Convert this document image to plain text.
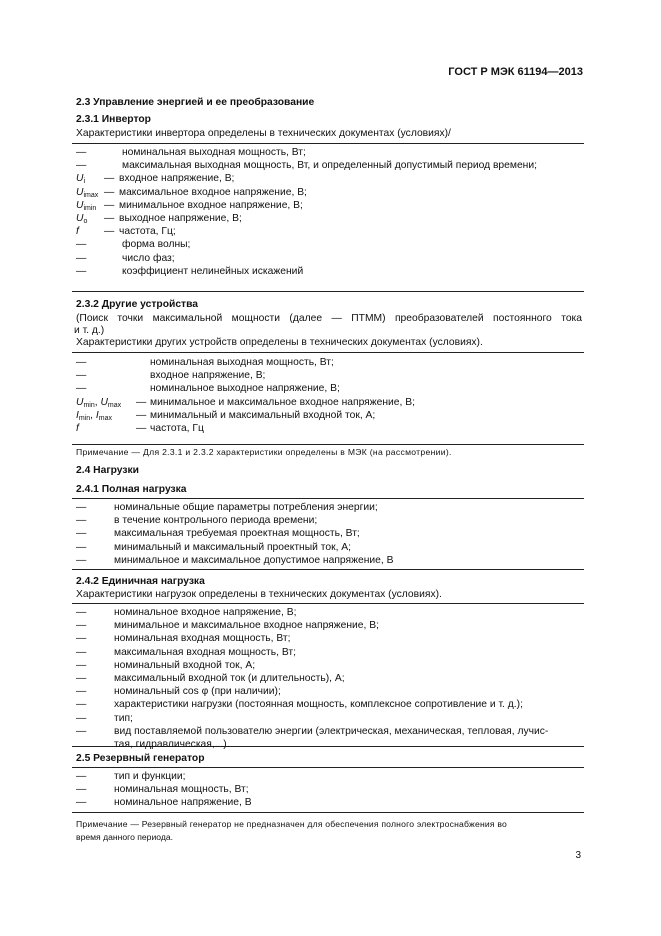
ГОСТ Р МЭК 61194—2013
2.3 Управление энергией и ее преобразование
2.3.1 Инвертор
Характеристики инвертора определены в технических документах (условиях)/
—	номинальная выходная мощность, Вт;
—	максимальная выходная мощность, Вт, и определенный допустимый период времени;
$U_i$ — входное напряжение, В;
$U_{imax}$ — максимальное входное напряжение, В;
$U_{imin}$ — минимальное входное напряжение, В;
$U_o$ — выходное напряжение, В;
f — частота, Гц;
—	форма волны;
—	число фаз;
—	коэффициент нелинейных искажений
2.3.2 Другие устройства
(Поиск точки максимальной мощности (далее — ПТММ) преобразователей постоянного тока
и т. д.)
Характеристики других устройств определены в технических документах (условиях).
—	номинальная выходная мощность, Вт;
—	входное напряжение, В;
—	номинальное выходное напряжение, В;
$U_{min}$, $U_{max}$ — минимальное и максимальное входное напряжение, В;
$I_{min}$, $I_{max}$ — минимальный и максимальный входной ток, А;
f	— частота, Гц
Примечание — Для 2.3.1 и 2.3.2 характеристики определены в МЭК (на рассмотрении).
2.4 Нагрузки
2.4.1 Полная нагрузка
—	номинальные общие параметры потребления энергии;
—	в течение контрольного периода времени;
—	максимальная требуемая проектная мощность, Вт;
—	минимальный и максимальный проектный ток, А;
—	минимальное и максимальное допустимое напряжение, В
2.4.2 Единичная нагрузка
Характеристики нагрузок определены в технических документах (условиях).
—	номинальное входное напряжение, В;
—	минимальное и максимальное входное напряжение, В;
—	номинальная входная мощность, Вт;
—	максимальная входная мощность, Вт;
—	номинальный входной ток, А;
—	максимальный входной ток (и длительность), А;
—	номинальный cos φ (при наличии);
—	характеристики нагрузки (постоянная мощность, комплексное сопротивление и т. д.);
—	тип;
—	вид поставляемой пользователю энергии (электрическая, механическая, тепловая, лучис-
тая, гидравлическая,...).
2.5 Резервный генератор
—	тип и функции;
—	номинальная мощность, Вт;
—	номинальное напряжение, В
Примечание — Резервный генератор не предназначен для обеспечения полного электроснабжения во
время данного периода.
3
